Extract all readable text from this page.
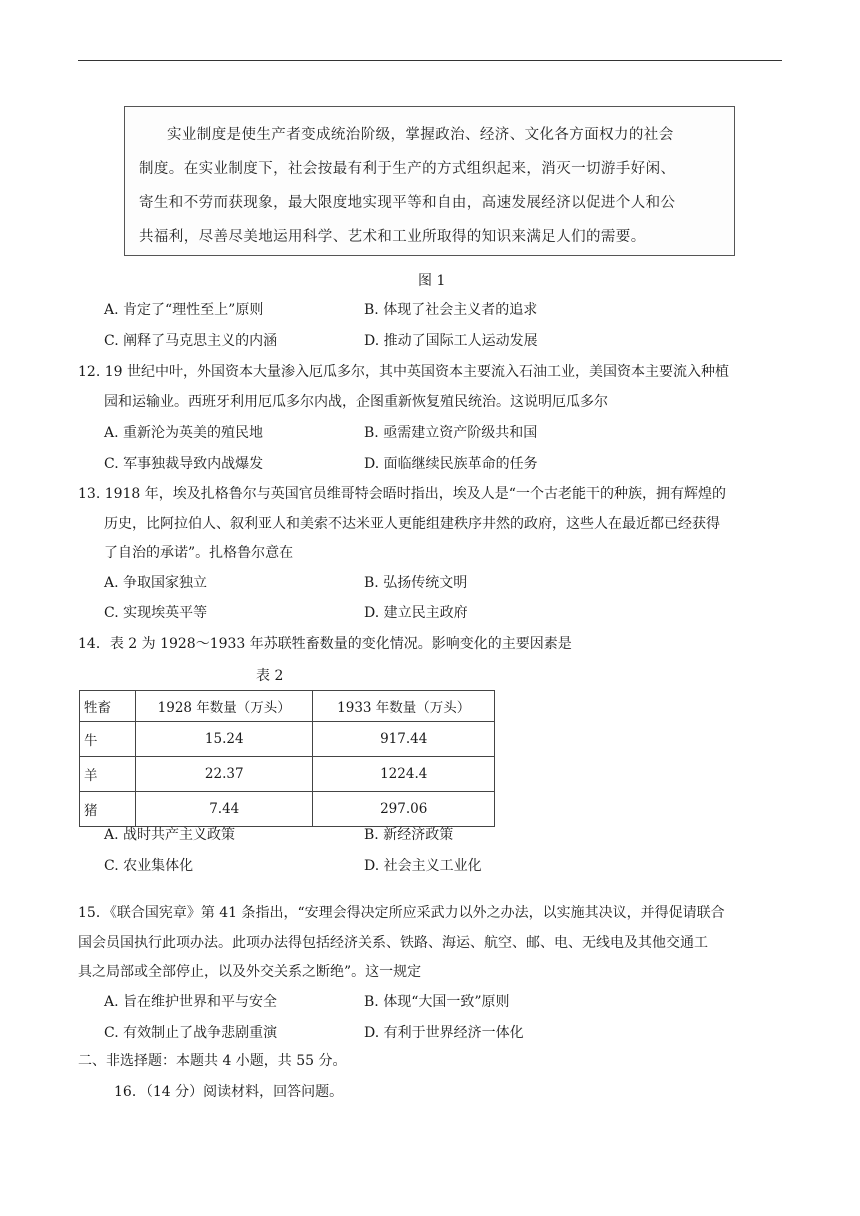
实业制度是使生产者变成统治阶级，掌握政治、经济、文化各方面权力的社会
制度。在实业制度下，社会按最有利于生产的方式组织起来，消灭一切游手好闲、
寄生和不劳而获现象，最大限度地实现平等和自由，高速发展经济以促进个人和公
共福利，尽善尽美地运用科学、艺术和工业所取得的知识来满足人们的需要。
图 1
A. 肯定了“理性至上”原则	B. 体现了社会主义者的追求
C. 阐释了马克思主义的内涵	D. 推动了国际工人运动发展
12. 19 世纪中叶，外国资本大量渗入厄瓜多尔，其中英国资本主要流入石油工业，美国资本主要流入种植
园和运输业。西班牙利用厄瓜多尔内战，企图重新恢复殖民统治。这说明厄瓜多尔
A. 重新沦为英美的殖民地	B. 亟需建立资产阶级共和国
C. 军事独裁导致内战爆发	D. 面临继续民族革命的任务
13. 1918 年，埃及扎格鲁尔与英国官员维哥特会晤时指出，埃及人是“一个古老能干的种族，拥有辉煌的
历史，比阿拉伯人、叙利亚人和美索不达米亚人更能组建秩序井然的政府，这些人在最近都已经获得
了自治的承诺”。扎格鲁尔意在
A. 争取国家独立	B. 弘扬传统文明
C. 实现埃英平等	D. 建立民主政府
14．表 2 为 1928～1933 年苏联牲畜数量的变化情况。影响变化的主要因素是
表 2
牲畜	1928 年数量（万头）	1933 年数量（万头）
牛	15.24	917.44
羊	22.37	1224.4
猪	7.44	297.06
A. 战时共产主义政策	B. 新经济政策
C. 农业集体化	D. 社会主义工业化
15．《联合国宪章》第 41 条指出，“安理会得决定所应采武力以外之办法，以实施其决议，并得促请联合
国会员国执行此项办法。此项办法得包括经济关系、铁路、海运、航空、邮、电、无线电及其他交通工
具之局部或全部停止，以及外交关系之断绝”。这一规定
A. 旨在维护世界和平与安全	B. 体现“大国一致”原则
C. 有效制止了战争悲剧重演	D. 有利于世界经济一体化
二、非选择题：本题共 4 小题，共 55 分。
16．（14 分）阅读材料，回答问题。
